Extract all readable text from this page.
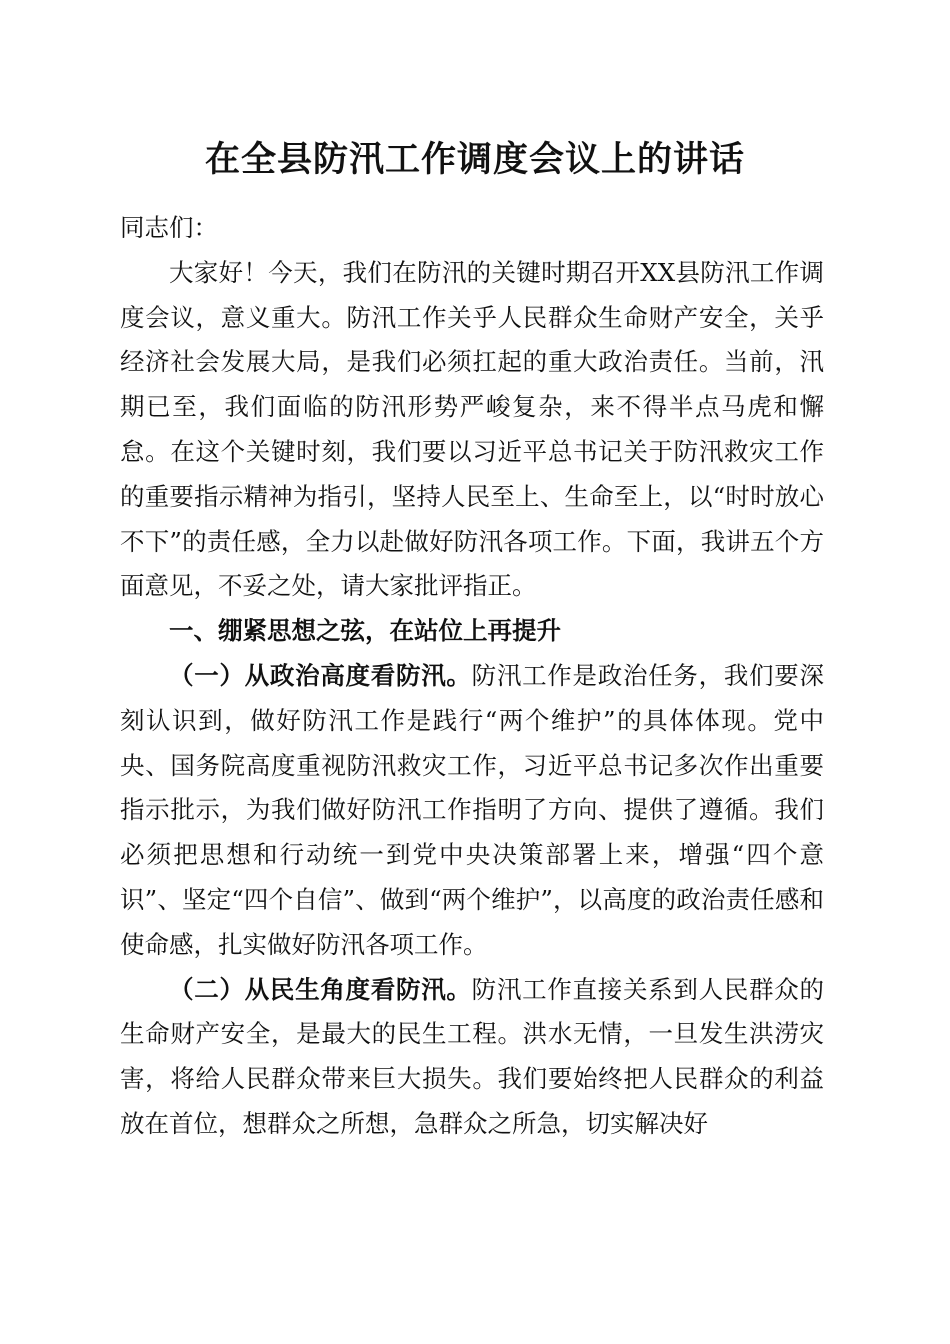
在全县防汛工作调度会议上的讲话

同志们：

大家好！今天，我们在防汛的关键时期召开XX县防汛工作调度会议，意义重大。防汛工作关乎人民群众生命财产安全，关乎经济社会发展大局，是我们必须扛起的重大政治责任。当前，汛期已至，我们面临的防汛形势严峻复杂，来不得半点马虎和懈怠。在这个关键时刻，我们要以习近平总书记关于防汛救灾工作的重要指示精神为指引，坚持人民至上、生命至上，以“时时放心不下”的责任感，全力以赴做好防汛各项工作。下面，我讲五个方面意见，不妥之处，请大家批评指正。

一、绷紧思想之弦，在站位上再提升

（一）从政治高度看防汛。防汛工作是政治任务，我们要深刻认识到，做好防汛工作是践行“两个维护”的具体体现。党中央、国务院高度重视防汛救灾工作，习近平总书记多次作出重要指示批示，为我们做好防汛工作指明了方向、提供了遵循。我们必须把思想和行动统一到党中央决策部署上来，增强“四个意识”、坚定“四个自信”、做到“两个维护”，以高度的政治责任感和使命感，扎实做好防汛各项工作。

（二）从民生角度看防汛。防汛工作直接关系到人民群众的生命财产安全，是最大的民生工程。洪水无情，一旦发生洪涝灾害，将给人民群众带来巨大损失。我们要始终把人民群众的利益放在首位，想群众之所想，急群众之所急，切实解决好
